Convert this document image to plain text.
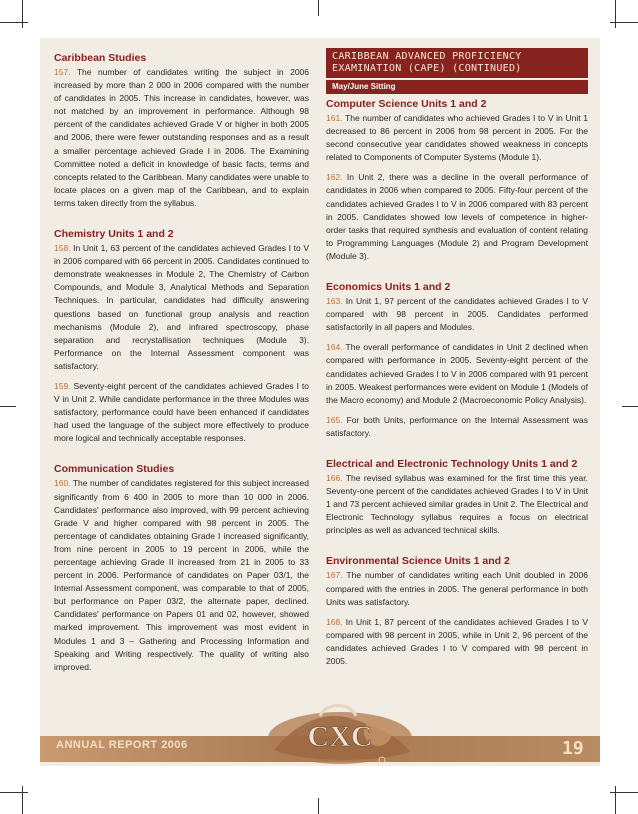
Caribbean Studies

157. The number of candidates writing the subject in 2006 increased by more than 2 000 in 2006 compared with the number of candidates in 2005. This increase in candidates, however, was not matched by an improvement in performance. Although 98 percent of the candidates achieved Grade V or higher in both 2005 and 2006, there were fewer outstanding responses and as a result a smaller percentage achieved Grade I in 2006. The Examining Committee noted a deficit in knowledge of basic facts, terms and concepts related to the Caribbean. Many candidates were unable to locate places on a given map of the Caribbean, and to explain terms taken directly from the syllabus.

Chemistry Units 1 and 2

158. In Unit 1, 63 percent of the candidates achieved Grades I to V in 2006 compared with 66 percent in 2005. Candidates continued to demonstrate weaknesses in Module 2, The Chemistry of Carbon Compounds, and Module 3, Analytical Methods and Separation Techniques. In particular, candidates had difficulty answering questions based on functional group analysis and reaction mechanisms (Module 2), and infrared spectroscopy, phase separation and recrystallisation techniques (Module 3). Performance on the Internal Assessment component was satisfactory.

159. Seventy-eight percent of the candidates achieved Grades I to V in Unit 2. While candidate performance in the three Modules was satisfactory, performance could have been enhanced if candidates had used the language of the subject more effectively to produce more logical and technically acceptable responses.

Communication Studies

160. The number of candidates registered for this subject increased significantly from 6 400 in 2005 to more than 10 000 in 2006. Candidates' performance also improved, with 99 percent achieving Grade V and higher compared with 98 percent in 2005. The percentage of candidates obtaining Grade I increased significantly, from nine percent in 2005 to 19 percent in 2006, while the percentage achieving Grade II increased from 21 in 2005 to 33 percent in 2006. Performance of candidates on Paper 03/1, the Internal Assessment component, was comparable to that of 2005, but performance on Paper 03/2, the alternate paper, declined. Candidates' performance on Papers 01 and 02, however, showed marked improvement. This improvement was most evident in Modules 1 and 3 – Gathering and Processing Information and Speaking and Writing respectively. The quality of writing also improved.

CARIBBEAN ADVANCED PROFICIENCY EXAMINATION (CAPE) (CONTINUED)
May/June Sitting
Computer Science Units 1 and 2

161. The number of candidates who achieved Grades I to V in Unit 1 decreased to 86 percent in 2006 from 98 percent in 2005. For the second consecutive year candidates showed weakness in concepts related to Components of Computer Systems (Module 1).

162. In Unit 2, there was a decline in the overall performance of candidates in 2006 when compared to 2005. Fifty-four percent of the candidates achieved Grades I to V in 2006 compared with 83 percent in 2005. Candidates showed low levels of competence in higher-order tasks that required synthesis and evaluation of content relating to Programming Languages (Module 2) and Program Development (Module 3).

Economics Units 1 and 2

163. In Unit 1, 97 percent of the candidates achieved Grades I to V compared with 98 percent in 2005. Candidates performed satisfactorily in all papers and Modules.

164. The overall performance of candidates in Unit 2 declined when compared with performance in 2005. Seventy-eight percent of the candidates achieved Grades I to V in 2006 compared with 91 percent in 2005. Weakest performances were evident on Module 1 (Models of the Macro economy) and Module 2 (Macroeconomic Policy Analysis).

165. For both Units, performance on the Internal Assessment was satisfactory.

Electrical and Electronic Technology Units 1 and 2

166. The revised syllabus was examined for the first time this year. Seventy-one percent of the candidates achieved Grades I to V in Unit 1 and 73 percent achieved similar grades in Unit 2. The Electrical and Electronic Technology syllabus requires a focus on electrical principles as well as advanced technical skills.

Environmental Science Units 1 and 2

167. The number of candidates writing each Unit doubled in 2006 compared with the entries in 2005. The general performance in both Units was satisfactory.

168. In Unit 1, 87 percent of the candidates achieved Grades I to V compared with 98 percent in 2005, while in Unit 2, 96 percent of the candidates achieved Grades I to V compared with 98 percent in 2005.

ANNUAL REPORT 2006	19
CXC
